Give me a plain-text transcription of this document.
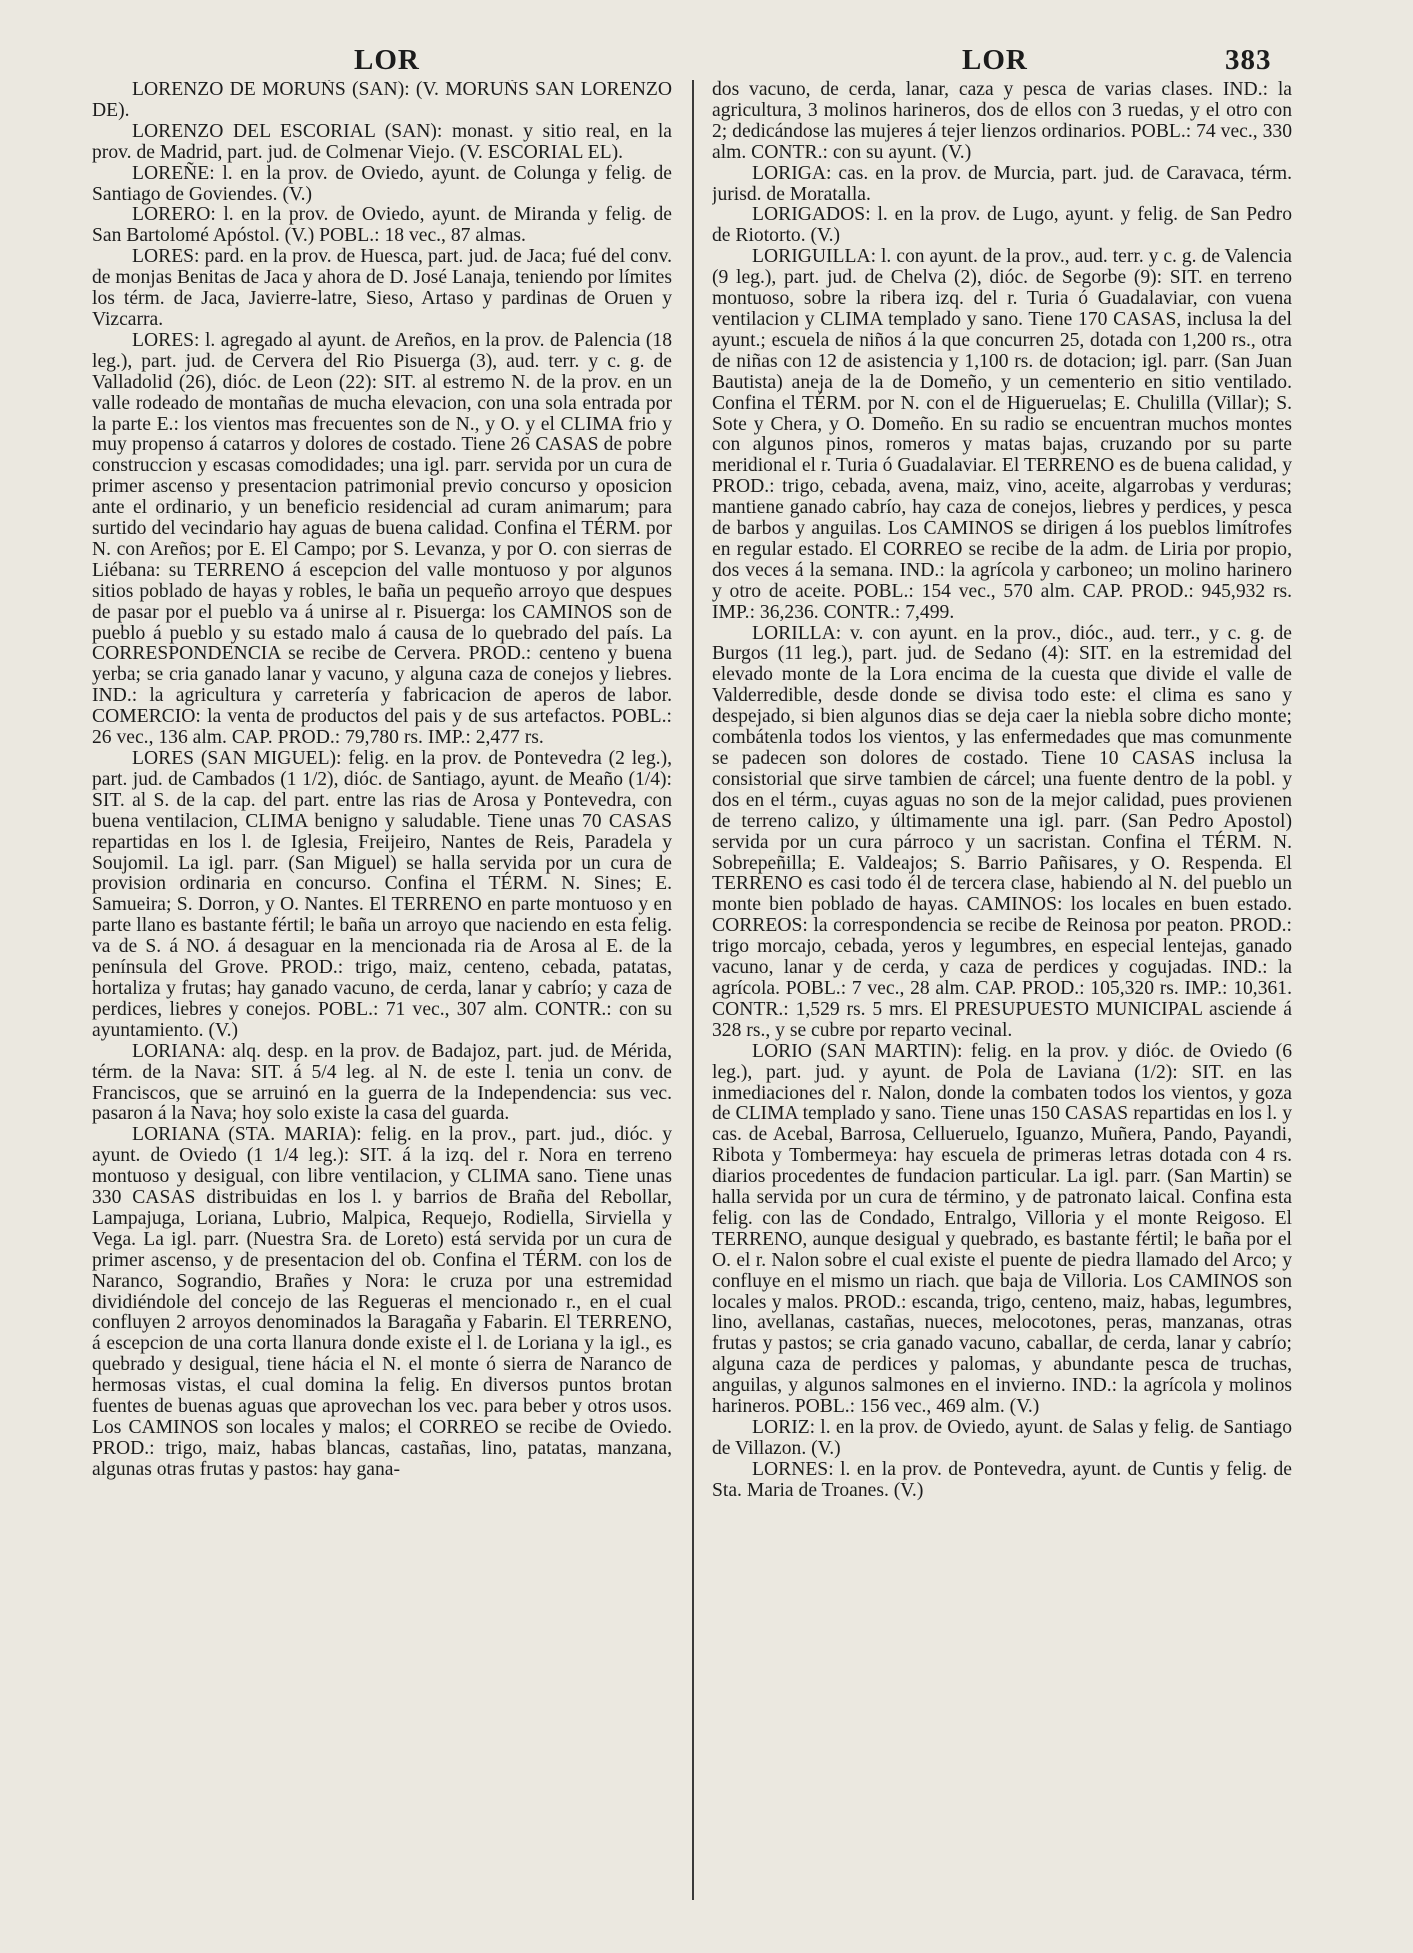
LOR	LOR	383

LORENZO DE MORUÑS (SAN): (V. MORUÑS SAN LORENZO DE).

LORENZO DEL ESCORIAL (SAN): monast. y sitio real, en la prov. de Madrid, part. jud. de Colmenar Viejo. (V. ESCORIAL EL).

LOREÑE: l. en la prov. de Oviedo, ayunt. de Colunga y felig. de Santiago de Goviendes. (V.)

LORERO: l. en la prov. de Oviedo, ayunt. de Miranda y felig. de San Bartolomé Apóstol. (V.) POBL.: 18 vec., 87 almas.

LORES: pard. en la prov. de Huesca, part. jud. de Jaca; fué del conv. de monjas Benitas de Jaca y ahora de D. José Lanaja, teniendo por límites los térm. de Jaca, Javierre-latre, Sieso, Artaso y pardinas de Oruen y Vizcarra.

LORES: l. agregado al ayunt. de Areños, en la prov. de Palencia (18 leg.), part. jud. de Cervera del Rio Pisuerga (3), aud. terr. y c. g. de Valladolid (26), dióc. de Leon (22): SIT. al estremo N. de la prov. en un valle rodeado de montañas de mucha elevacion, con una sola entrada por la parte E.: los vientos mas frecuentes son de N., y O. y el CLIMA frio y muy propenso á catarros y dolores de costado. Tiene 26 CASAS de pobre construccion y escasas comodidades; una igl. parr. servida por un cura de primer ascenso y presentacion patrimonial previo concurso y oposicion ante el ordinario, y un beneficio residencial ad curam animarum; para surtido del vecindario hay aguas de buena calidad. Confina el TÉRM. por N. con Areños; por E. El Campo; por S. Levanza, y por O. con sierras de Liébana: su TERRENO á escepcion del valle montuoso y por algunos sitios poblado de hayas y robles, le baña un pequeño arroyo que despues de pasar por el pueblo va á unirse al r. Pisuerga: los CAMINOS son de pueblo á pueblo y su estado malo á causa de lo quebrado del país. La CORRESPONDENCIA se recibe de Cervera. PROD.: centeno y buena yerba; se cria ganado lanar y vacuno, y alguna caza de conejos y liebres. IND.: la agricultura y carretería y fabricacion de aperos de labor. COMERCIO: la venta de productos del pais y de sus artefactos. POBL.: 26 vec., 136 alm. CAP. PROD.: 79,780 rs. IMP.: 2,477 rs.

LORES (SAN MIGUEL): felig. en la prov. de Pontevedra (2 leg.), part. jud. de Cambados (1 1/2), dióc. de Santiago, ayunt. de Meaño (1/4): SIT. al S. de la cap. del part. entre las rias de Arosa y Pontevedra, con buena ventilacion, CLIMA benigno y saludable. Tiene unas 70 CASAS repartidas en los l. de Iglesia, Freijeiro, Nantes de Reis, Paradela y Soujomil. La igl. parr. (San Miguel) se halla servida por un cura de provision ordinaria en concurso. Confina el TÉRM. N. Sines; E. Samueira; S. Dorron, y O. Nantes. El TERRENO en parte montuoso y en parte llano es bastante fértil; le baña un arroyo que naciendo en esta felig. va de S. á NO. á desaguar en la mencionada ria de Arosa al E. de la península del Grove. PROD.: trigo, maiz, centeno, cebada, patatas, hortaliza y frutas; hay ganado vacuno, de cerda, lanar y cabrío; y caza de perdices, liebres y conejos. POBL.: 71 vec., 307 alm. CONTR.: con su ayuntamiento. (V.)

LORIANA: alq. desp. en la prov. de Badajoz, part. jud. de Mérida, térm. de la Nava: SIT. á 5/4 leg. al N. de este l. tenia un conv. de Franciscos, que se arruinó en la guerra de la Independencia: sus vec. pasaron á la Nava; hoy solo existe la casa del guarda.

LORIANA (STA. MARIA): felig. en la prov., part. jud., dióc. y ayunt. de Oviedo (1 1/4 leg.): SIT. á la izq. del r. Nora en terreno montuoso y desigual, con libre ventilacion, y CLIMA sano. Tiene unas 330 CASAS distribuidas en los l. y barrios de Braña del Rebollar, Lampajuga, Loriana, Lubrio, Malpica, Requejo, Rodiella, Sirviella y Vega. La igl. parr. (Nuestra Sra. de Loreto) está servida por un cura de primer ascenso, y de presentacion del ob. Confina el TÉRM. con los de Naranco, Sograndio, Brañes y Nora: le cruza por una estremidad dividiéndole del concejo de las Regueras el mencionado r., en el cual confluyen 2 arroyos denominados la Baragaña y Fabarin. El TERRENO, á escepcion de una corta llanura donde existe el l. de Loriana y la igl., es quebrado y desigual, tiene hácia el N. el monte ó sierra de Naranco de hermosas vistas, el cual domina la felig. En diversos puntos brotan fuentes de buenas aguas que aprovechan los vec. para beber y otros usos. Los CAMINOS son locales y malos; el CORREO se recibe de Oviedo. PROD.: trigo, maiz, habas blancas, castañas, lino, patatas, manzana, algunas otras frutas y pastos: hay gana-

dos vacuno, de cerda, lanar, caza y pesca de varias clases. IND.: la agricultura, 3 molinos harineros, dos de ellos con 3 ruedas, y el otro con 2; dedicándose las mujeres á tejer lienzos ordinarios. POBL.: 74 vec., 330 alm. CONTR.: con su ayunt. (V.)

LORIGA: cas. en la prov. de Murcia, part. jud. de Caravaca, térm. jurisd. de Moratalla.

LORIGADOS: l. en la prov. de Lugo, ayunt. y felig. de San Pedro de Riotorto. (V.)

LORIGUILLA: l. con ayunt. de la prov., aud. terr. y c. g. de Valencia (9 leg.), part. jud. de Chelva (2), dióc. de Segorbe (9): SIT. en terreno montuoso, sobre la ribera izq. del r. Turia ó Guadalaviar, con vuena ventilacion y CLIMA templado y sano. Tiene 170 CASAS, inclusa la del ayunt.; escuela de niños á la que concurren 25, dotada con 1,200 rs., otra de niñas con 12 de asistencia y 1,100 rs. de dotacion; igl. parr. (San Juan Bautista) aneja de la de Domeño, y un cementerio en sitio ventilado. Confina el TÉRM. por N. con el de Higueruelas; E. Chulilla (Villar); S. Sote y Chera, y O. Domeño. En su radio se encuentran muchos montes con algunos pinos, romeros y matas bajas, cruzando por su parte meridional el r. Turia ó Guadalaviar. El TERRENO es de buena calidad, y PROD.: trigo, cebada, avena, maiz, vino, aceite, algarrobas y verduras; mantiene ganado cabrío, hay caza de conejos, liebres y perdices, y pesca de barbos y anguilas. Los CAMINOS se dirigen á los pueblos limítrofes en regular estado. El CORREO se recibe de la adm. de Liria por propio, dos veces á la semana. IND.: la agrícola y carboneo; un molino harinero y otro de aceite. POBL.: 154 vec., 570 alm. CAP. PROD.: 945,932 rs. IMP.: 36,236. CONTR.: 7,499.

LORILLA: v. con ayunt. en la prov., dióc., aud. terr., y c. g. de Burgos (11 leg.), part. jud. de Sedano (4): SIT. en la estremidad del elevado monte de la Lora encima de la cuesta que divide el valle de Valderredible, desde donde se divisa todo este: el clima es sano y despejado, si bien algunos dias se deja caer la niebla sobre dicho monte; combátenla todos los vientos, y las enfermedades que mas comunmente se padecen son dolores de costado. Tiene 10 CASAS inclusa la consistorial que sirve tambien de cárcel; una fuente dentro de la pobl. y dos en el térm., cuyas aguas no son de la mejor calidad, pues provienen de terreno calizo, y últimamente una igl. parr. (San Pedro Apostol) servida por un cura párroco y un sacristan. Confina el TÉRM. N. Sobrepeñilla; E. Valdeajos; S. Barrio Pañisares, y O. Respenda. El TERRENO es casi todo él de tercera clase, habiendo al N. del pueblo un monte bien poblado de hayas. CAMINOS: los locales en buen estado. CORREOS: la correspondencia se recibe de Reinosa por peaton. PROD.: trigo morcajo, cebada, yeros y legumbres, en especial lentejas, ganado vacuno, lanar y de cerda, y caza de perdices y cogujadas. IND.: la agrícola. POBL.: 7 vec., 28 alm. CAP. PROD.: 105,320 rs. IMP.: 10,361. CONTR.: 1,529 rs. 5 mrs. El PRESUPUESTO MUNICIPAL asciende á 328 rs., y se cubre por reparto vecinal.

LORIO (SAN MARTIN): felig. en la prov. y dióc. de Oviedo (6 leg.), part. jud. y ayunt. de Pola de Laviana (1/2): SIT. en las inmediaciones del r. Nalon, donde la combaten todos los vientos, y goza de CLIMA templado y sano. Tiene unas 150 CASAS repartidas en los l. y cas. de Acebal, Barrosa, Cellueruelo, Iguanzo, Muñera, Pando, Payandi, Ribota y Tombermeya: hay escuela de primeras letras dotada con 4 rs. diarios procedentes de fundacion particular. La igl. parr. (San Martin) se halla servida por un cura de término, y de patronato laical. Confina esta felig. con las de Condado, Entralgo, Villoria y el monte Reigoso. El TERRENO, aunque desigual y quebrado, es bastante fértil; le baña por el O. el r. Nalon sobre el cual existe el puente de piedra llamado del Arco; y confluye en el mismo un riach. que baja de Villoria. Los CAMINOS son locales y malos. PROD.: escanda, trigo, centeno, maiz, habas, legumbres, lino, avellanas, castañas, nueces, melocotones, peras, manzanas, otras frutas y pastos; se cria ganado vacuno, caballar, de cerda, lanar y cabrío; alguna caza de perdices y palomas, y abundante pesca de truchas, anguilas, y algunos salmones en el invierno. IND.: la agrícola y molinos harineros. POBL.: 156 vec., 469 alm. (V.)

LORIZ: l. en la prov. de Oviedo, ayunt. de Salas y felig. de Santiago de Villazon. (V.)

LORNES: l. en la prov. de Pontevedra, ayunt. de Cuntis y felig. de Sta. Maria de Troanes. (V.)
